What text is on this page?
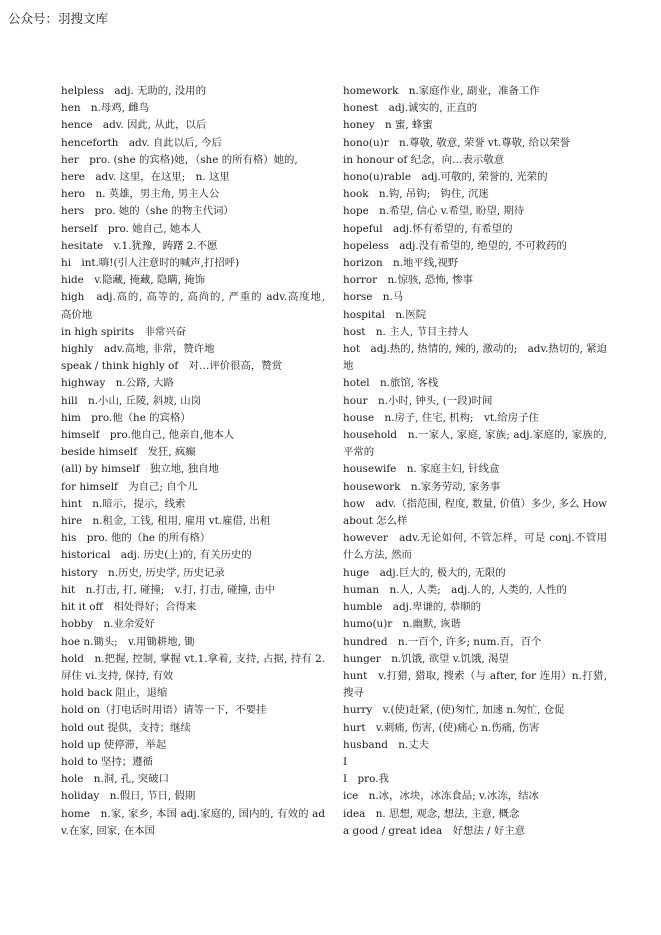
公众号：羽搜文库
helpless　adj. 无助的, 没用的
hen　n.母鸡, 雌鸟
hence　adv. 因此, 从此，以后
henceforth　adv. 自此以后, 今后
her　pro. (she 的宾格)她，（she 的所有格）她的,
here　adv. 这里，在这里;　n. 这里
hero　n. 英雄，男主角, 男主人公
hers　pro. 她的（she 的物主代词）
herself　pro. 她自己, 她本人
hesitate　v.1.犹豫，踌躇 2.不愿
hi　int.嗨!(引人注意时的喊声,打招呼)
hide　v.隐藏, 掩藏, 隐瞒, 掩饰
high　adj.高的, 高等的, 高尚的, 严重的 adv.高度地,　高价地
in high spirits　非常兴奋
highly　adv.高地, 非常，赞许地
speak / think highly of　对…评价很高，赞赏
highway　n.公路, 大路
hill　n.小山, 丘陵, 斜坡, 山岗
him　pro.他（he 的宾格）
himself　pro.他自己, 他亲自,他本人
beside himself　发狂, 疯癫
(all) by himself　独立地, 独自地
for himself　为自己; 自个儿
hint　n.暗示，提示，线索
hire　n.租金, 工钱, 租用, 雇用 vt.雇借, 出租
his　pro. 他的（he 的所有格）
historical　adj. 历史(上)的, 有关历史的
history　n.历史, 历史学, 历史记录
hit　n.打击, 打, 碰撞;　v.打, 打击, 碰撞, 击中
hit it off　相处得好；合得来
hobby　n.业余爱好
hoe n.锄头;　v.用锄耕地, 锄
hold　n.把握, 控制, 掌握 vt.1.拿着, 支持, 占据, 持有 2. 屏住 vi.支持, 保持, 有效
hold back 阻止，退缩
hold on（打电话时用语）请等一下，不要挂
hold out 提供，支持；继续
hold up 使停滞，举起
hold to 坚持；遵循
hole　n.洞, 孔, 突破口
holiday　n.假日, 节日, 假期
home　n.家, 家乡, 本国 adj.家庭的, 国内的, 有效的 adv.在家, 回家, 在本国
homework　n.家庭作业, 副业，准备工作
honest　adj.诚实的, 正直的
honey　n 蜜, 蜂蜜
hono(u)r　n.尊敬, 敬意, 荣誉 vt.尊敬, 给以荣誉
in honour of 纪念，向…表示敬意
hono(u)rable　adj.可敬的, 荣誉的, 光荣的
hook　n.钩, 吊钩;　钩住, 沉迷
hope　n.希望, 信心 v.希望, 盼望, 期待
hopeful　adj.怀有希望的, 有希望的
hopeless　adj.没有希望的, 绝望的, 不可救药的
horizon　n.地平线,视野
horror　n.惊骇, 恐怖, 惨事
horse　n.马
hospital　n.医院
host　n. 主人, 节目主持人
hot　adj.热的, 热情的, 辣的, 激动的;　adv.热切的, 紧迫地
hotel　n.旅馆, 客栈
hour　n.小时, 钟头, (一段)时间
house　n.房子, 住宅, 机构;　vt.给房子住
household　n.一家人, 家庭, 家族; adj.家庭的, 家族的,平常的
housewife　n. 家庭主妇, 针线盒
housework　n.家务劳动, 家务事
how　adv.（指范围, 程度, 数量, 价值）多少, 多么 How about 怎么样
however　adv.无论如何, 不管怎样，可是 conj.不管用什么方法, 然而
huge　adj.巨大的, 极大的, 无限的
human　n.人, 人类;　adj.人的, 人类的, 人性的
humble　adj.卑谦的, 恭顺的
humo(u)r　n.幽默, 诙谐
hundred　n.一百个, 许多; num.百，百个
hunger　n.饥饿, 欲望 v.饥饿, 渴望
hunt　v.打猎, 猎取, 搜索（与 after, for 连用）n.打猎, 搜寻
hurry　v.(使)赶紧, (使)匆忙, 加速 n.匆忙, 仓促
hurt　v.刺痛, 伤害, (使)痛心 n.伤痛, 伤害
husband　n.丈夫
I
I　pro.我
ice　n.冰，冰块，冰冻食品; v.冰冻，结冰
idea　n. 思想, 观念, 想法, 主意, 概念
a good / great idea　好想法 / 好主意
